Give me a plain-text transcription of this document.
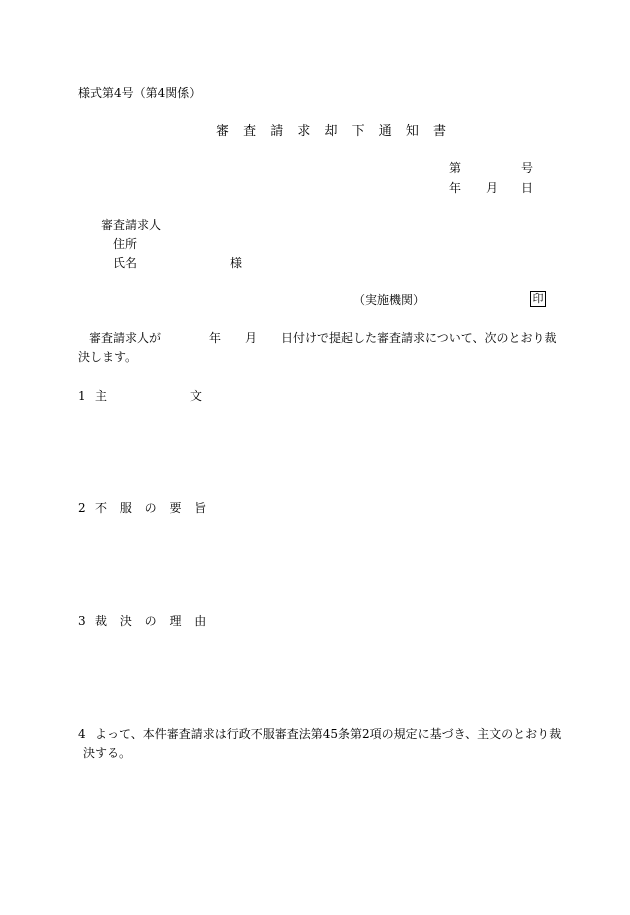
様式第4号（第4関係）
審 査 請 求 却 下 通 知 書
第	号
年 月 日
審査請求人
住所
氏名	様
（実施機関）	印
審査請求人が	年 月 日付けで提起した審査請求について、次のとおり裁
決します。
1 主	文
2 不 服 の 要 旨
3 裁 決 の 理 由
4 よって、本件審査請求は行政不服審査法第45条第2項の規定に基づき、主文のとおり裁
決する。
